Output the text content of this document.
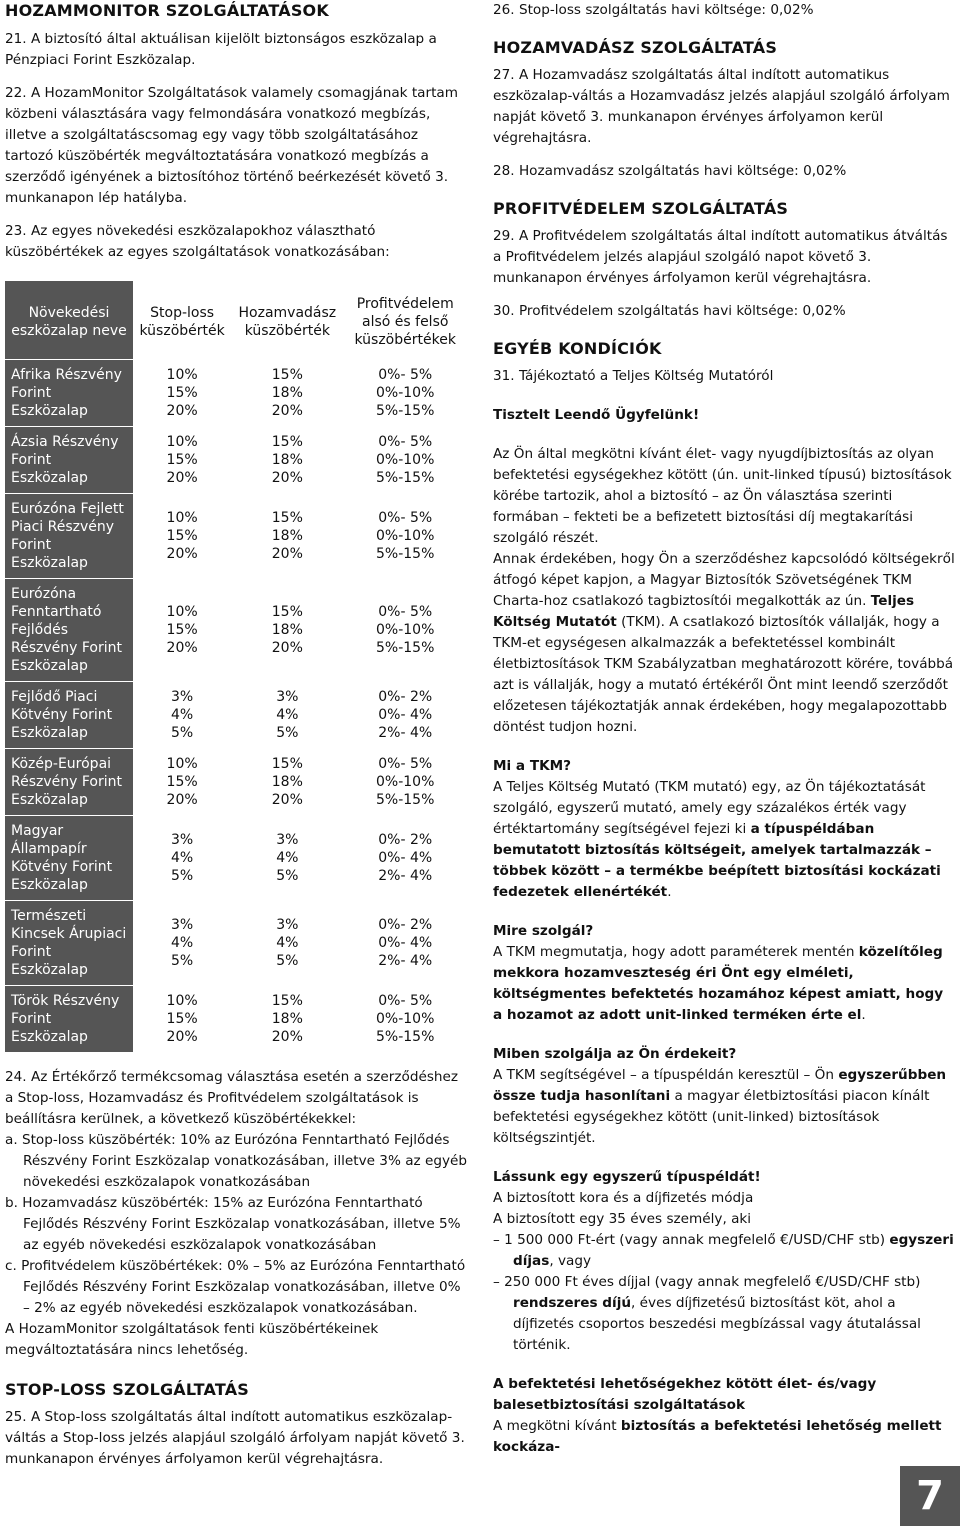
HOZAMMONITOR SZOLGÁLTATÁSOK

21. A biztosító által aktuálisan kijelölt biztonságos eszközalap a Pénzpiaci Forint Eszközalap.

22. A HozamMonitor Szolgáltatások valamely csomagjának tartam közbeni választására vagy felmondására vonatkozó megbízás, illetve a szolgáltatáscsomag egy vagy több szolgáltatásához tartozó küszöbérték megváltoztatására vonatkozó megbízás a szerződő igényének a biztosítóhoz történő beérkezését követő 3. munkanapon lép hatályba.

23. Az egyes növekedési eszközalapokhoz választható küszöbértékek az egyes szolgáltatások vonatkozásában:

Növekedési eszközalap neve	Stop-loss küszöbérték	Hozamvadász küszöbérték	Profitvédelem alsó és felső küszöbértékek
Afrika Részvény Forint Eszközalap	10%
15%
20%	15%
18%
20%	0%- 5%
0%-10%
5%-15%
Ázsia Részvény Forint Eszközalap	10%
15%
20%	15%
18%
20%	0%- 5%
0%-10%
5%-15%
Eurózóna Fejlett Piaci Részvény Forint Eszközalap	10%
15%
20%	15%
18%
20%	0%- 5%
0%-10%
5%-15%
Eurózóna Fenntartható Fejlődés Részvény Forint Eszközalap	10%
15%
20%	15%
18%
20%	0%- 5%
0%-10%
5%-15%
Fejlődő Piaci Kötvény Forint Eszközalap	3%
4%
5%	3%
4%
5%	0%- 2%
0%- 4%
2%- 4%
Közép-Európai Részvény Forint Eszközalap	10%
15%
20%	15%
18%
20%	0%- 5%
0%-10%
5%-15%
Magyar Állampapír Kötvény Forint Eszközalap	3%
4%
5%	3%
4%
5%	0%- 2%
0%- 4%
2%- 4%
Természeti Kincsek Árupiaci Forint Eszközalap	3%
4%
5%	3%
4%
5%	0%- 2%
0%- 4%
2%- 4%
Török Részvény Forint Eszközalap	10%
15%
20%	15%
18%
20%	0%- 5%
0%-10%
5%-15%

24. Az Értékőrző termékcsomag választása esetén a szerződéshez a Stop-loss, Hozamvadász és Profitvédelem szolgáltatások is beállításra kerülnek, a következő küszöbértékekkel:

a. Stop-loss küszöbérték: 10% az Eurózóna Fenntartható Fejlődés Részvény Forint Eszközalap vonatkozásában, illetve 3% az egyéb növekedési eszközalapok vonatkozásában

b. Hozamvadász küszöbérték: 15% az Eurózóna Fenntartható Fejlődés Részvény Forint Eszközalap vonatkozásában, illetve 5% az egyéb növekedési eszközalapok vonatkozásában

c. Profitvédelem küszöbértékek: 0% – 5% az Eurózóna Fenntartható Fejlődés Részvény Forint Eszközalap vonatkozásában, illetve 0% – 2% az egyéb növekedési eszközalapok vonatkozásában.

A HozamMonitor szolgáltatások fenti küszöbértékeinek megváltoztatására nincs lehetőség.

STOP-LOSS SZOLGÁLTATÁS

25. A Stop-loss szolgáltatás által indított automatikus eszközalap-váltás a Stop-loss jelzés alapjául szolgáló árfolyam napját követő 3. munkanapon érvényes árfolyamon kerül végrehajtásra.

26. Stop-loss szolgáltatás havi költsége: 0,02%

HOZAMVADÁSZ SZOLGÁLTATÁS

27. A Hozamvadász szolgáltatás által indított automatikus eszközalap-váltás a Hozamvadász jelzés alapjául szolgáló árfolyam napját követő 3. munkanapon érvényes árfolyamon kerül végrehajtásra.

28. Hozamvadász szolgáltatás havi költsége: 0,02%

PROFITVÉDELEM SZOLGÁLTATÁS

29. A Profitvédelem szolgáltatás által indított automatikus átváltás a Profitvédelem jelzés alapjául szolgáló napot követő 3. munkanapon érvényes árfolyamon kerül végrehajtásra.

30. Profitvédelem szolgáltatás havi költsége: 0,02%

EGYÉB KONDÍCIÓK

31. Tájékoztató a Teljes Költség Mutatóról

Tisztelt Leendő Ügyfelünk!

Az Ön által megkötni kívánt élet- vagy nyugdíjbiztosítás az olyan befektetési egységekhez kötött (ún. unit-linked típusú) biztosítások körébe tartozik, ahol a biztosító – az Ön választása szerinti formában – fekteti be a befizetett biztosítási díj megtakarítási szolgáló részét.

Annak érdekében, hogy Ön a szerződéshez kapcsolódó költségekről átfogó képet kapjon, a Magyar Biztosítók Szövetségének TKM Charta-hoz csatlakozó tagbiztosítói megalkották az ún. Teljes Költség Mutatót (TKM). A csatlakozó biztosítók vállalják, hogy a TKM-et egységesen alkalmazzák a befektetéssel kombinált életbiztosítások TKM Szabályzatban meghatározott körére, továbbá azt is vállalják, hogy a mutató értékéről Önt mint leendő szerződőt előzetesen tájékoztatják annak érdekében, hogy megalapozottabb döntést tudjon hozni.

Mi a TKM?

A Teljes Költség Mutató (TKM mutató) egy, az Ön tájékoztatását szolgáló, egyszerű mutató, amely egy százalékos érték vagy értéktartomány segítségével fejezi ki a típuspéldában bemutatott biztosítás költségeit, amelyek tartalmazzák – többek között – a termékbe beépített biztosítási kockázati fedezetek ellenértékét.

Mire szolgál?

A TKM megmutatja, hogy adott paraméterek mentén közelítőleg mekkora hozamveszteség éri Önt egy elméleti, költségmentes befektetés hozamához képest amiatt, hogy a hozamot az adott unit-linked terméken érte el.

Miben szolgálja az Ön érdekeit?

A TKM segítségével – a típuspéldán keresztül – Ön egyszerűbben össze tudja hasonlítani a magyar életbiztosítási piacon kínált befektetési egységekhez kötött (unit-linked) biztosítások költségszintjét.

Lássunk egy egyszerű típuspéldát!

A biztosított kora és a díjfizetés módja

A biztosított egy 35 éves személy, aki

– 1 500 000 Ft-ért (vagy annak megfelelő €/USD/CHF stb) egyszeri díjas, vagy

– 250 000 Ft éves díjjal (vagy annak megfelelő €/USD/CHF stb) rendszeres díjú, éves díjfizetésű biztosítást köt, ahol a díjfizetés csoportos beszedési megbízással vagy átutalással történik.

A befektetési lehetőségekhez kötött élet- és/vagy balesetbiztosítási szolgáltatások

A megkötni kívánt biztosítás a befektetési lehetőség mellett kockáza-

7
